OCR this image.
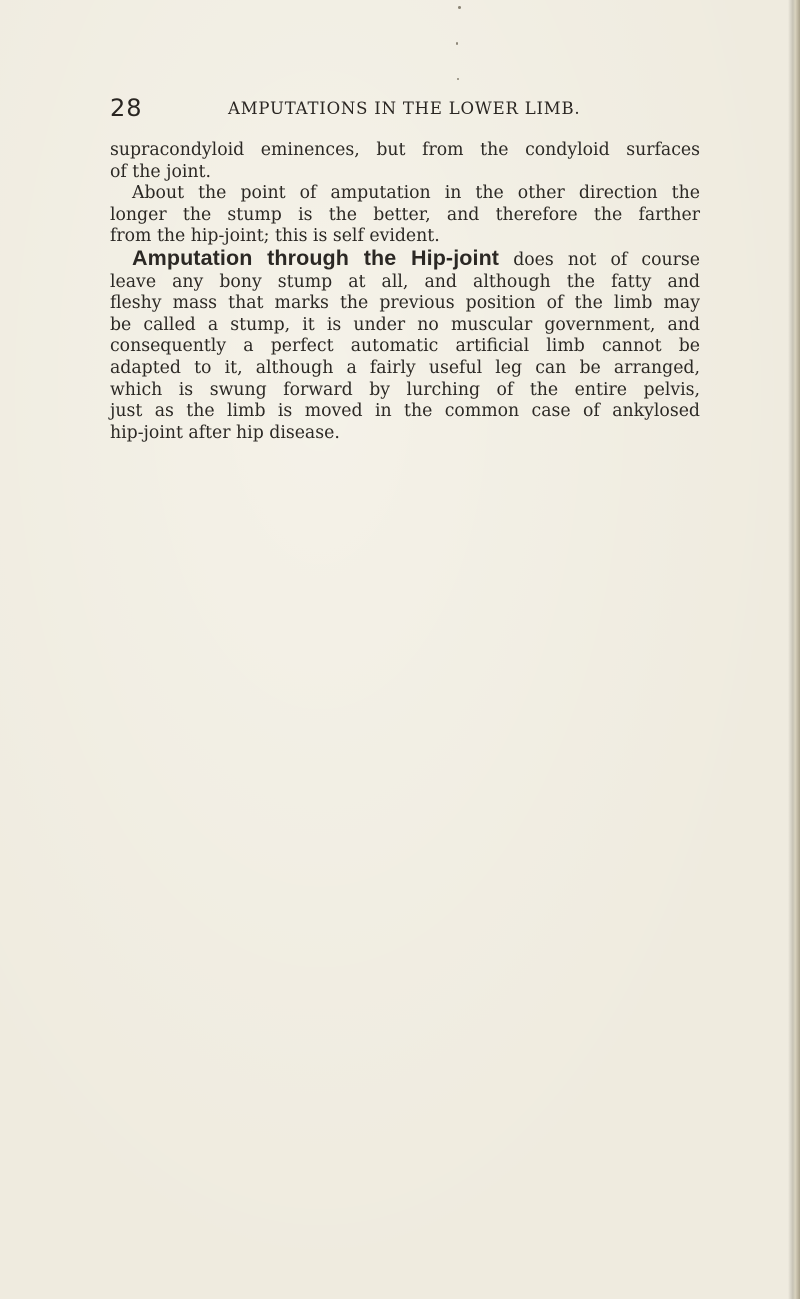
28	AMPUTATIONS IN THE LOWER LIMB.

supracondyloid eminences, but from the condyloid surfaces
of the joint.

About the point of amputation in the other direction the
longer the stump is the better, and therefore the farther
from the hip-joint; this is self evident.

Amputation through the Hip-joint does not of course
leave any bony stump at all, and although the fatty and
fleshy mass that marks the previous position of the limb may
be called a stump, it is under no muscular government, and
consequently a perfect automatic artificial limb cannot be
adapted to it, although a fairly useful leg can be arranged,
which is swung forward by lurching of the entire pelvis,
just as the limb is moved in the common case of ankylosed
hip-joint after hip disease.
